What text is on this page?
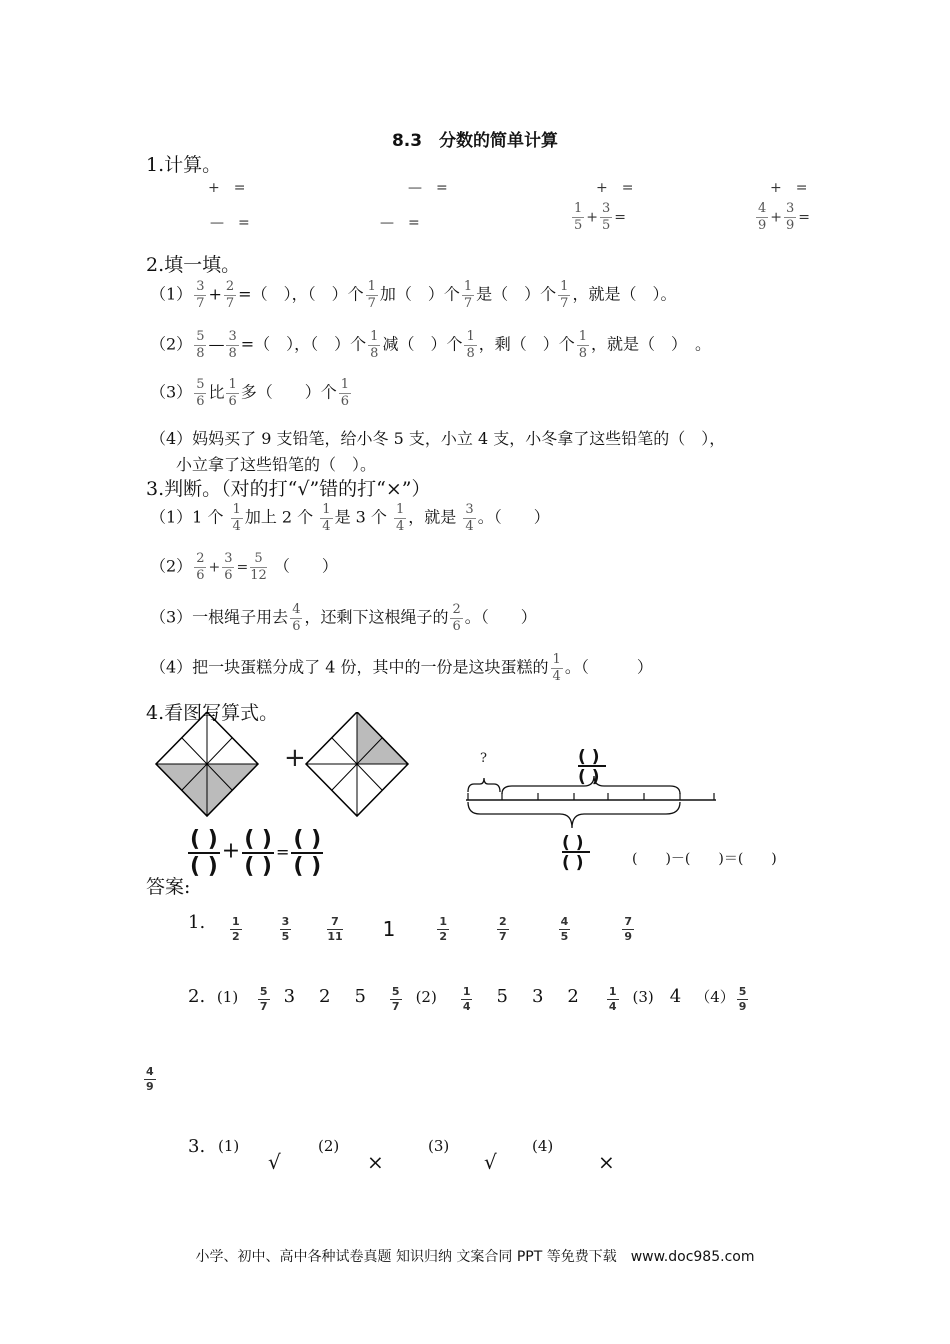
8.3　分数的简单计算
1.计算。
+　=	—　=	+　=	+　=
—　=	—　=	$\frac{1}{5} + \frac{3}{5}$ =	$\frac{4}{9} + \frac{3}{9}$ =
2.填一填。
$(1) \frac{3}{7} + \frac{2}{7}$ =（　），（　）个 $\frac{1}{7}$ 加（　）个 $\frac{1}{7}$ 是（　）个 $\frac{1}{7}$ ，就是（　）。
$(2) \frac{5}{8}$ — $\frac{3}{8}$ =（　），（　）个 $\frac{1}{8}$ 减（　）个 $\frac{1}{8}$ ，剩（　）个 $\frac{1}{8}$ ，就是（　）　。
$(3) \frac{5}{6}$ 比 $\frac{1}{6}$ 多（　　）个 $\frac{1}{6}$
（4）妈妈买了 9 支铅笔，给小冬 5 支，小立 4 支，小冬拿了这些铅笔的（　），
小立拿了这些铅笔的（　）。
3.判断。（对的打“√”错的打“×”）
（1）1 个 $\frac{1}{4}$ 加上 2 个 $\frac{1}{4}$ 是 3 个 $\frac{1}{4}$ ，就是 $\frac{3}{4}$ 。（　　）
$(2) \frac{2}{6} + \frac{3}{6} = \frac{5}{12}$ （　　）
（3）一根绳子用去 $\frac{4}{6}$ ，还剩下这根绳子的 $\frac{2}{6}$ 。（　　）
（4）把一块蛋糕分成了 4 份，其中的一份是这块蛋糕的 $\frac{1}{4}$ 。（　　　）
4.看图写算式。
+
$\frac{( )}{( )} + \frac{( )}{( )} = \frac{( )}{( )}$
?	( )
( )
( )
( )	(　　)－(　　)＝(　　)
答案:
1. $\frac{1}{2}$	$\frac{3}{5}$	$\frac{7}{11} 1$	$\frac{1}{2}$	$\frac{2}{7}$	$\frac{4}{5}$	$\frac{7}{9}$
2. $(1) \frac{5}{7} 3$ 2 $5 \frac{5}{7} (2) \frac{1}{4} 5$ 3 2	$\frac{1}{4} (3)$ 4 $(4) \frac{5}{9}$
$\frac{4}{9}$
3. (1)
√
(2)
×
(3)
√
(4)
×
小学、初中、高中各种试卷真题 知识归纳 文案合同 PPT 等免费下载　www.doc985.com
